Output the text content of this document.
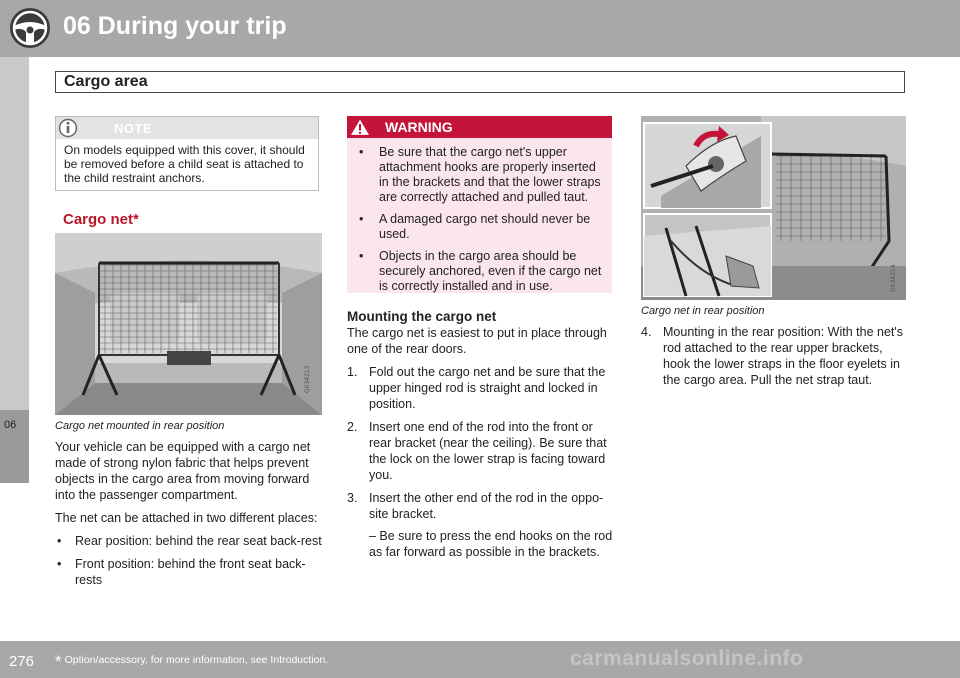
06 During your trip
Cargo area
06
NOTE
On models equipped with this cover, it should be removed before a child seat is attached to the child restraint anchors.
Cargo net*
G034213
Cargo net mounted in rear position
Your vehicle can be equipped with a cargo net made of strong nylon fabric that helps prevent objects in the cargo area from moving forward into the passenger compartment.
The net can be attached in two different places:
• Rear position: behind the rear seat back-rest
• Front position: behind the front seat back-rests
WARNING
• Be sure that the cargo net's upper attachment hooks are properly inserted in the brackets and that the lower straps are correctly attached and pulled taut.
• A damaged cargo net should never be used.
• Objects in the cargo area should be securely anchored, even if the cargo net is correctly installed and in use.
Mounting the cargo net
The cargo net is easiest to put in place through one of the rear doors.
1. Fold out the cargo net and be sure that the upper hinged rod is straight and locked in position.
2. Insert one end of the rod into the front or rear bracket (near the ceiling). Be sure that the lock on the lower strap is facing toward you.
3. Insert the other end of the rod in the oppo-site bracket.
– Be sure to press the end hooks on the rod as far forward as possible in the brackets.
G034214
Cargo net in rear position
4. Mounting in the rear position: With the net's rod attached to the rear upper brackets, hook the lower straps in the floor eyelets in the cargo area. Pull the net strap taut.
276 * Option/accessory, for more information, see Introduction.	carmanualsonline.info
